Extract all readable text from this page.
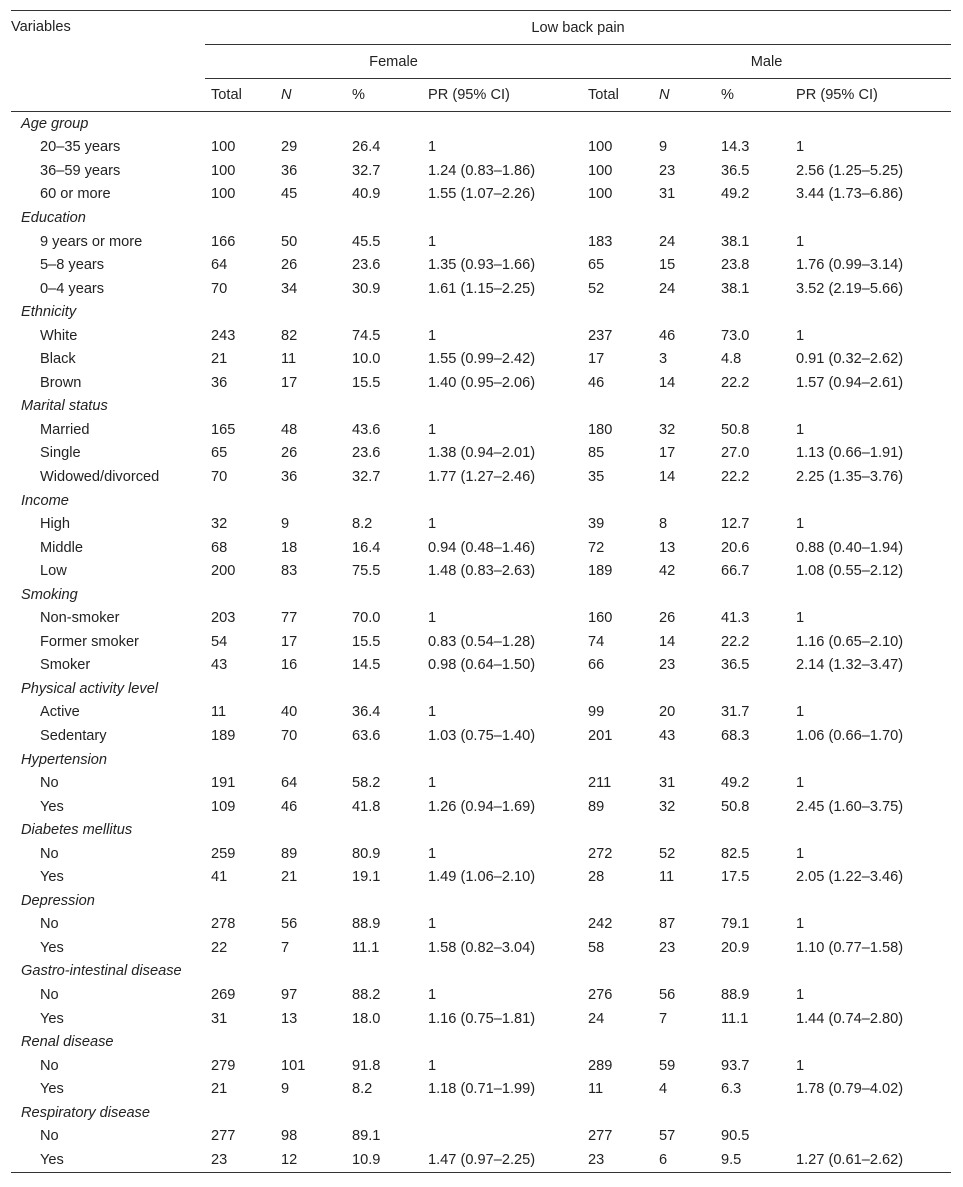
Variables	Low back pain							
	Female				Male			
	Total	N	%	PR (95% CI)	Total	N	%	PR (95% CI)
Age group								
20–35 years	100	29	26.4	1	100	9	14.3	1
36–59 years	100	36	32.7	1.24 (0.83–1.86)	100	23	36.5	2.56 (1.25–5.25)
60 or more	100	45	40.9	1.55 (1.07–2.26)	100	31	49.2	3.44 (1.73–6.86)
Education								
9 years or more	166	50	45.5	1	183	24	38.1	1
5–8 years	64	26	23.6	1.35 (0.93–1.66)	65	15	23.8	1.76 (0.99–3.14)
0–4 years	70	34	30.9	1.61 (1.15–2.25)	52	24	38.1	3.52 (2.19–5.66)
Ethnicity								
White	243	82	74.5	1	237	46	73.0	1
Black	21	11	10.0	1.55 (0.99–2.42)	17	3	4.8	0.91 (0.32–2.62)
Brown	36	17	15.5	1.40 (0.95–2.06)	46	14	22.2	1.57 (0.94–2.61)
Marital status								
Married	165	48	43.6	1	180	32	50.8	1
Single	65	26	23.6	1.38 (0.94–2.01)	85	17	27.0	1.13 (0.66–1.91)
Widowed/divorced	70	36	32.7	1.77 (1.27–2.46)	35	14	22.2	2.25 (1.35–3.76)
Income								
High	32	9	8.2	1	39	8	12.7	1
Middle	68	18	16.4	0.94 (0.48–1.46)	72	13	20.6	0.88 (0.40–1.94)
Low	200	83	75.5	1.48 (0.83–2.63)	189	42	66.7	1.08 (0.55–2.12)
Smoking								
Non-smoker	203	77	70.0	1	160	26	41.3	1
Former smoker	54	17	15.5	0.83 (0.54–1.28)	74	14	22.2	1.16 (0.65–2.10)
Smoker	43	16	14.5	0.98 (0.64–1.50)	66	23	36.5	2.14 (1.32–3.47)
Physical activity level								
Active	11	40	36.4	1	99	20	31.7	1
Sedentary	189	70	63.6	1.03 (0.75–1.40)	201	43	68.3	1.06 (0.66–1.70)
Hypertension								
No	191	64	58.2	1	211	31	49.2	1
Yes	109	46	41.8	1.26 (0.94–1.69)	89	32	50.8	2.45 (1.60–3.75)
Diabetes mellitus								
No	259	89	80.9	1	272	52	82.5	1
Yes	41	21	19.1	1.49 (1.06–2.10)	28	11	17.5	2.05 (1.22–3.46)
Depression								
No	278	56	88.9	1	242	87	79.1	1
Yes	22	7	11.1	1.58 (0.82–3.04)	58	23	20.9	1.10 (0.77–1.58)
Gastro-intestinal disease								
No	269	97	88.2	1	276	56	88.9	1
Yes	31	13	18.0	1.16 (0.75–1.81)	24	7	11.1	1.44 (0.74–2.80)
Renal disease								
No	279	101	91.8	1	289	59	93.7	1
Yes	21	9	8.2	1.18 (0.71–1.99)	11	4	6.3	1.78 (0.79–4.02)
Respiratory disease								
No	277	98	89.1		277	57	90.5	
Yes	23	12	10.9	1.47 (0.97–2.25)	23	6	9.5	1.27 (0.61–2.62)
